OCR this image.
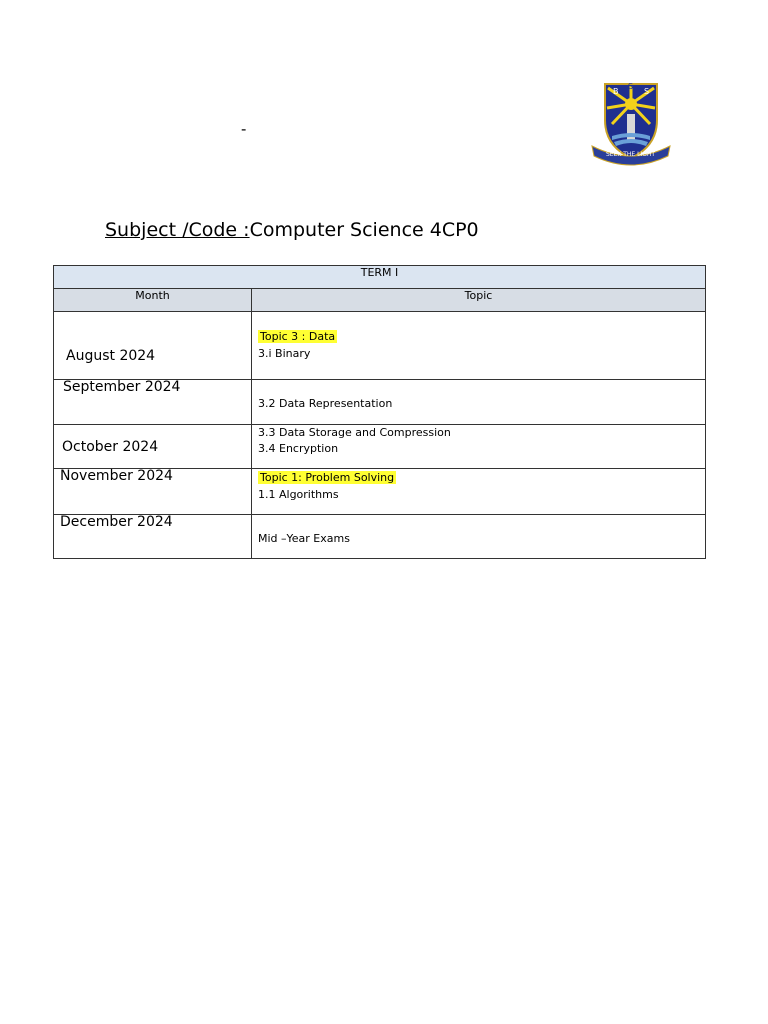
-
B
S
S
SEEK THE LIGHT
Subject /Code :Computer Science 4CP0
TERM I	
Month	Topic

August 2024	Topic 3 : Data
3.i Binary

September 2024	3.2 Data Representation

October 2024	3.3 Data Storage and Compression
3.4 Encryption

November 2024	Topic 1: Problem Solving
1.1 Algorithms

December 2024	Mid –Year Exams
